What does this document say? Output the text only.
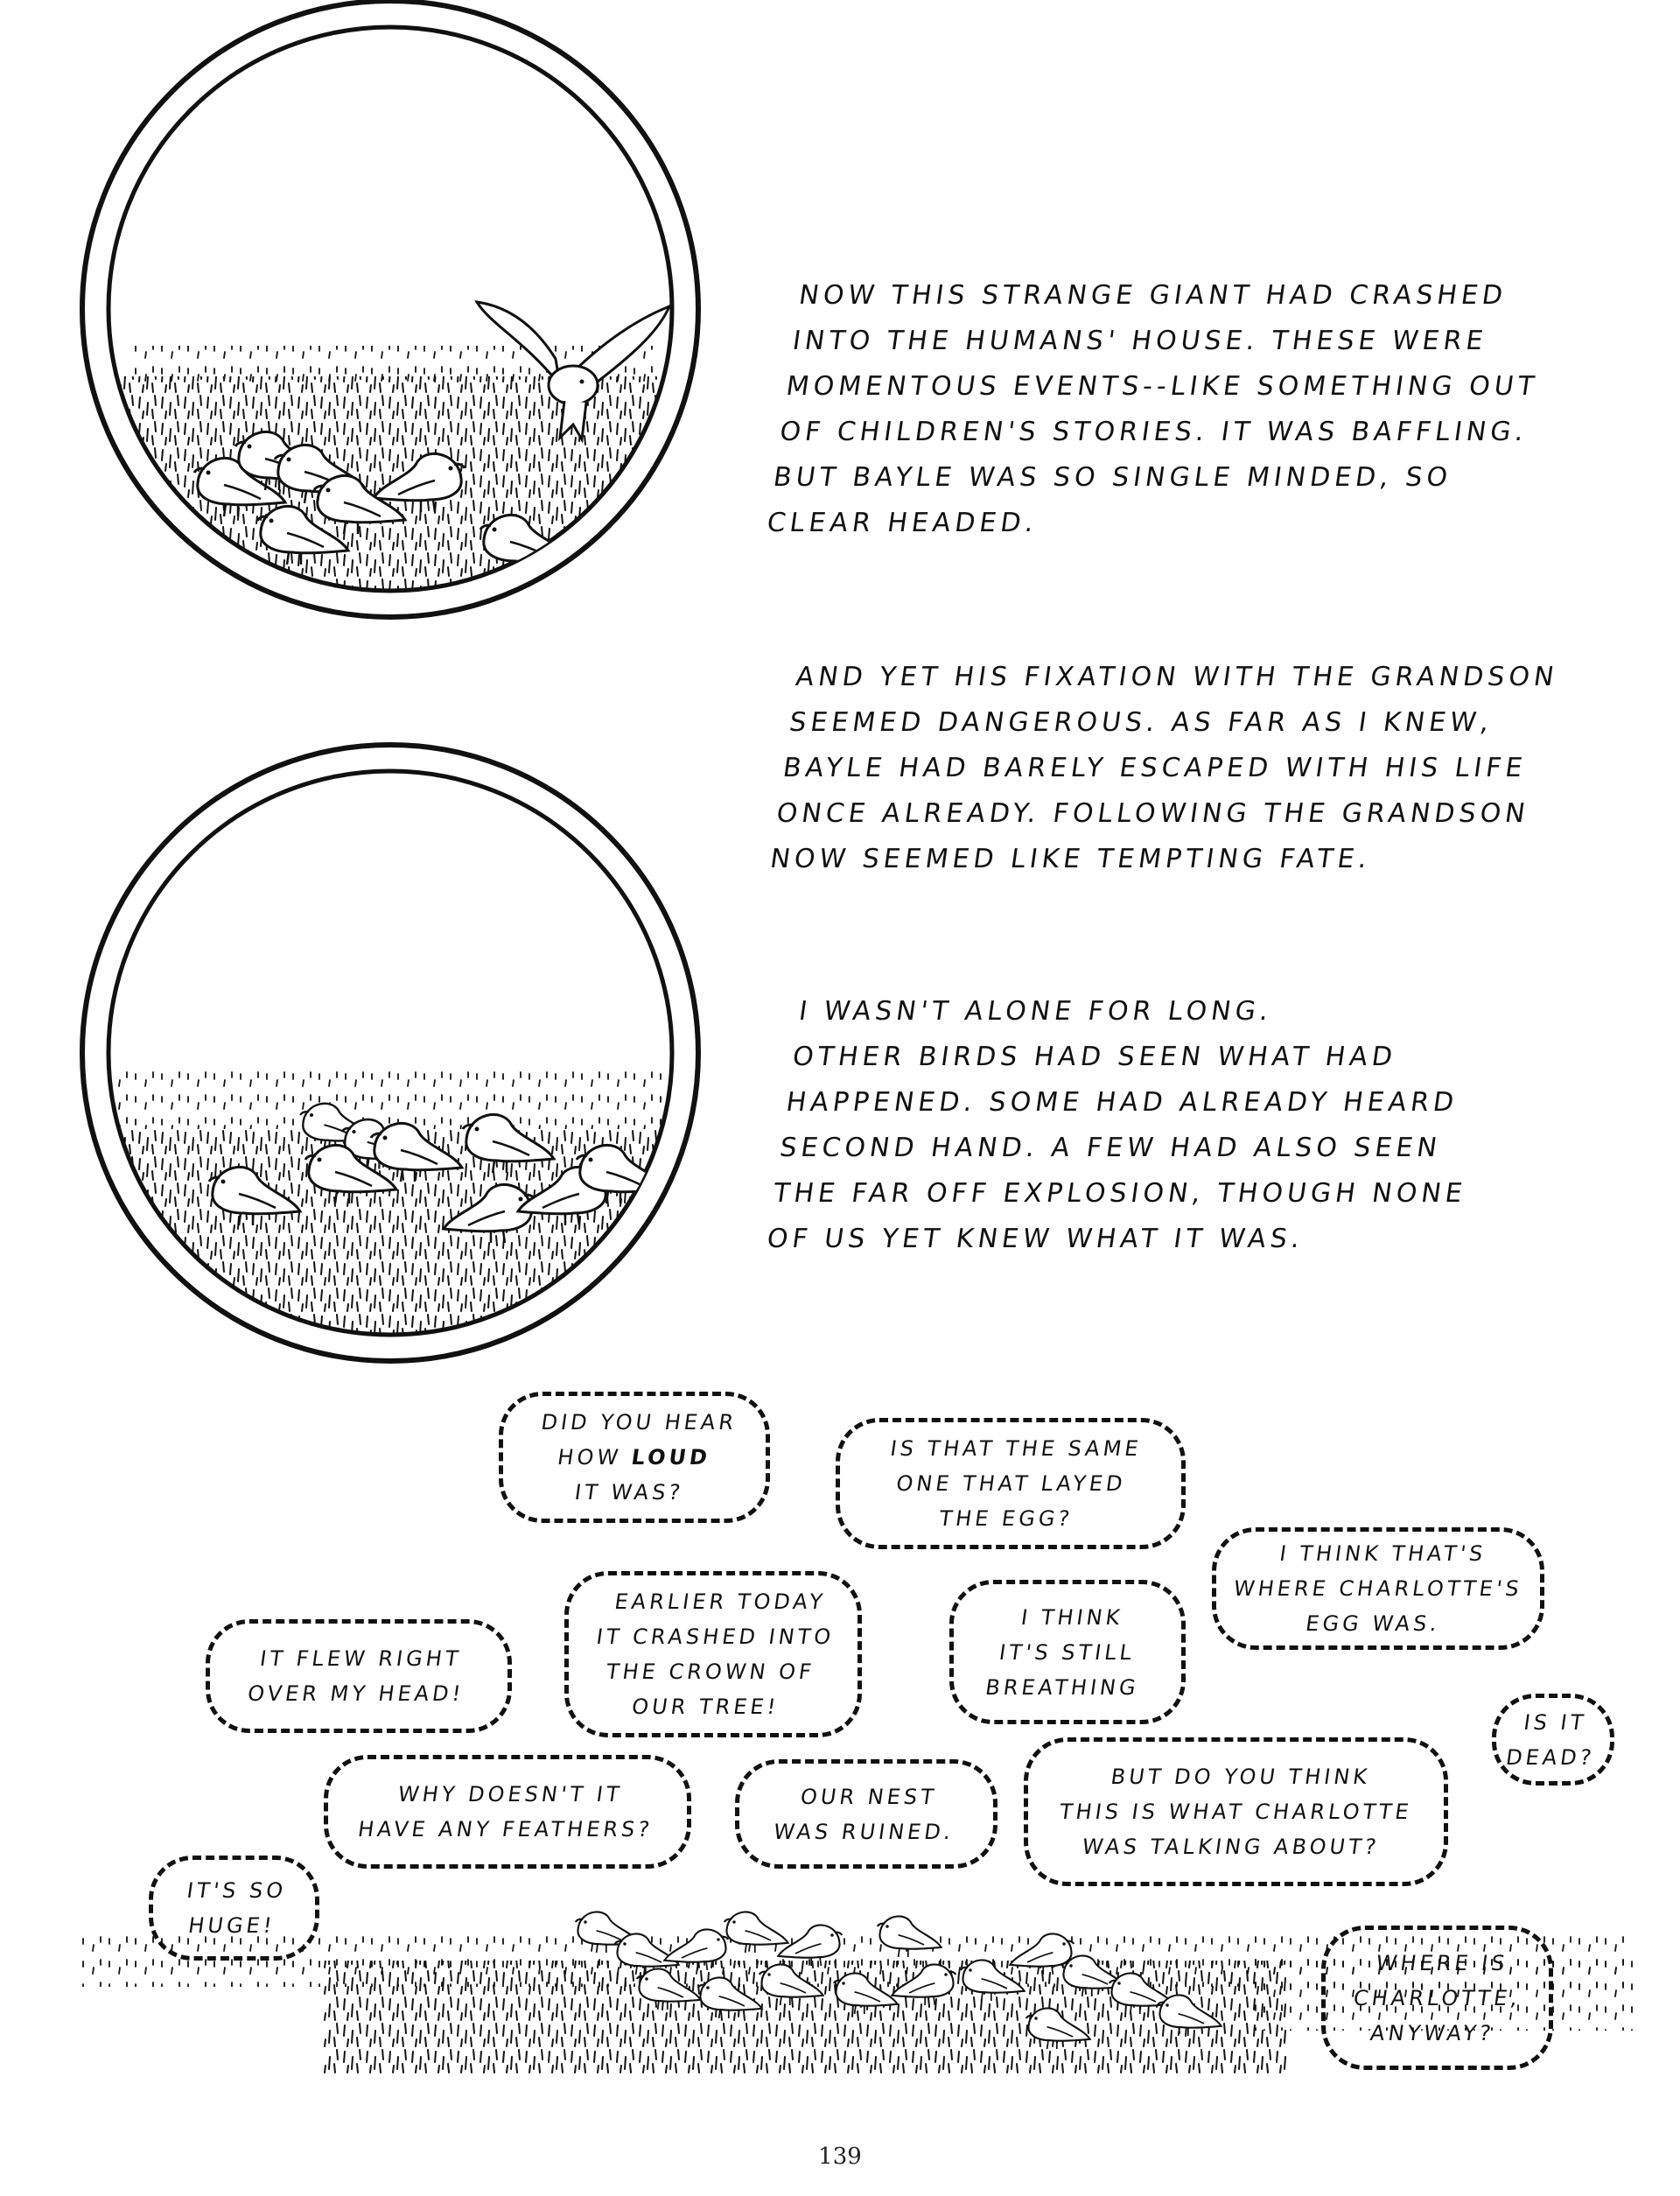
NOW THIS STRANGE GIANT HAD CRASHED
INTO THE HUMANS' HOUSE. THESE WERE
MOMENTOUS EVENTS--LIKE SOMETHING OUT
OF CHILDREN'S STORIES. IT WAS BAFFLING.
BUT BAYLE WAS SO SINGLE MINDED, SO
CLEAR HEADED.
AND YET HIS FIXATION WITH THE GRANDSON
SEEMED DANGEROUS. AS FAR AS I KNEW,
BAYLE HAD BARELY ESCAPED WITH HIS LIFE
ONCE ALREADY. FOLLOWING THE GRANDSON
NOW SEEMED LIKE TEMPTING FATE.
I WASN'T ALONE FOR LONG.
OTHER BIRDS HAD SEEN WHAT HAD
HAPPENED. SOME HAD ALREADY HEARD
SECOND HAND. A FEW HAD ALSO SEEN
THE FAR OFF EXPLOSION, THOUGH NONE
OF US YET KNEW WHAT IT WAS.
DID YOU HEAR
HOW LOUD
IT WAS?
IS THAT THE SAME
ONE THAT LAYED
THE EGG?
I THINK THAT'S
WHERE CHARLOTTE'S
EGG WAS.
IT FLEW RIGHT
OVER MY HEAD!
EARLIER TODAY
IT CRASHED INTO
THE CROWN OF
OUR TREE!
I THINK
IT'S STILL
BREATHING
IS IT
DEAD?
WHY DOESN'T IT
HAVE ANY FEATHERS?
OUR NEST
WAS RUINED.
BUT DO YOU THINK
THIS IS WHAT CHARLOTTE
WAS TALKING ABOUT?
IT'S SO
HUGE!
WHERE IS
CHARLOTTE,
ANYWAY?
139
